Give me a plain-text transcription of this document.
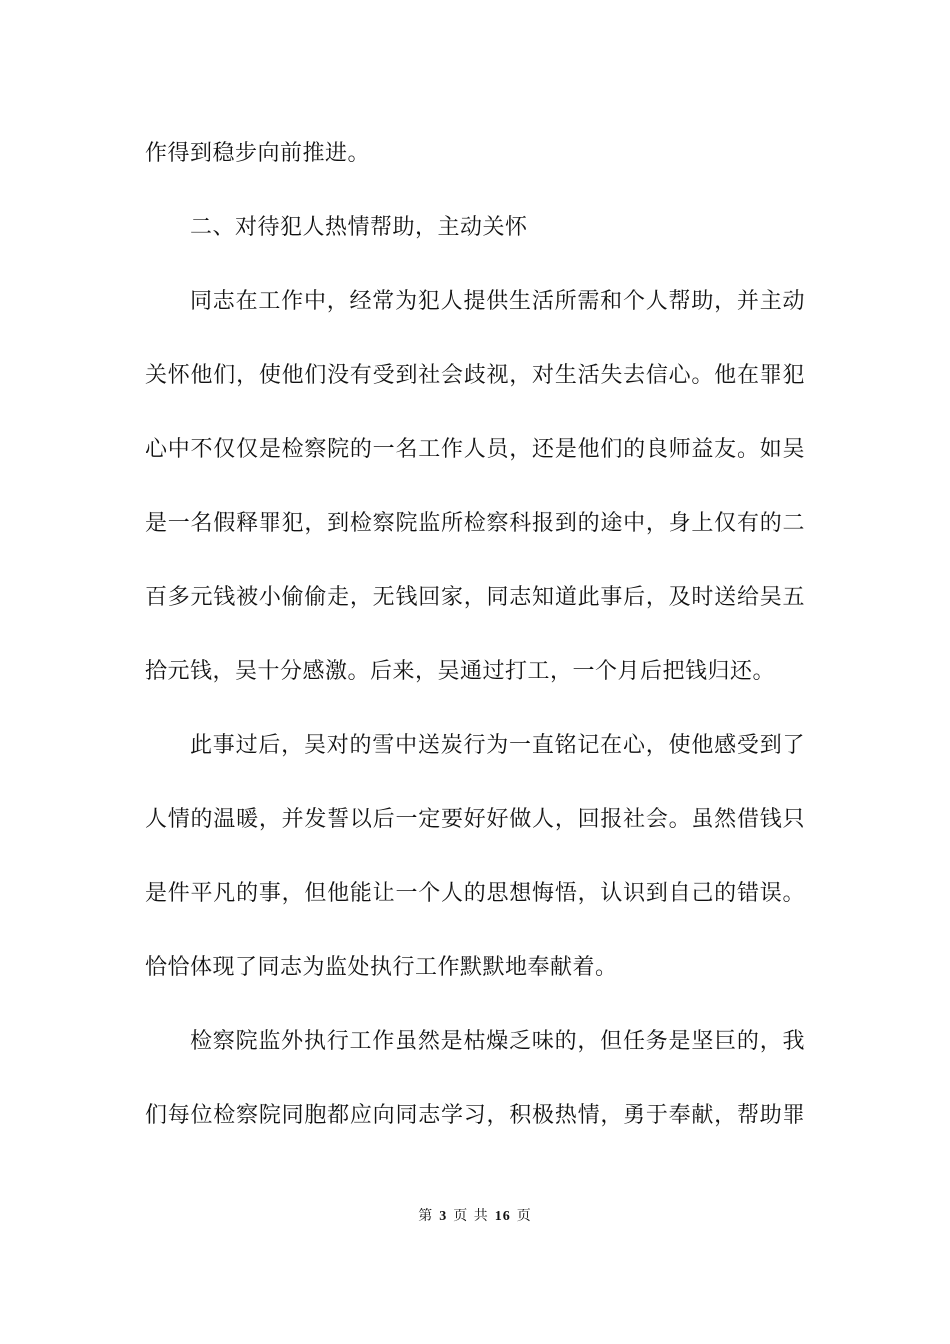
作得到稳步向前推进。
二、对待犯人热情帮助，主动关怀
同志在工作中，经常为犯人提供生活所需和个人帮助，并主动
关怀他们，使他们没有受到社会歧视，对生活失去信心。他在罪犯
心中不仅仅是检察院的一名工作人员，还是他们的良师益友。如吴
是一名假释罪犯，到检察院监所检察科报到的途中，身上仅有的二
百多元钱被小偷偷走，无钱回家，同志知道此事后，及时送给吴五
拾元钱，吴十分感激。后来，吴通过打工，一个月后把钱归还。
此事过后，吴对的雪中送炭行为一直铭记在心，使他感受到了
人情的温暖，并发誓以后一定要好好做人，回报社会。虽然借钱只
是件平凡的事，但他能让一个人的思想悔悟，认识到自己的错误。
恰恰体现了同志为监处执行工作默默地奉献着。
检察院监外执行工作虽然是枯燥乏味的，但任务是坚巨的，我
们每位检察院同胞都应向同志学习，积极热情，勇于奉献，帮助罪
第 3 页 共 16 页
